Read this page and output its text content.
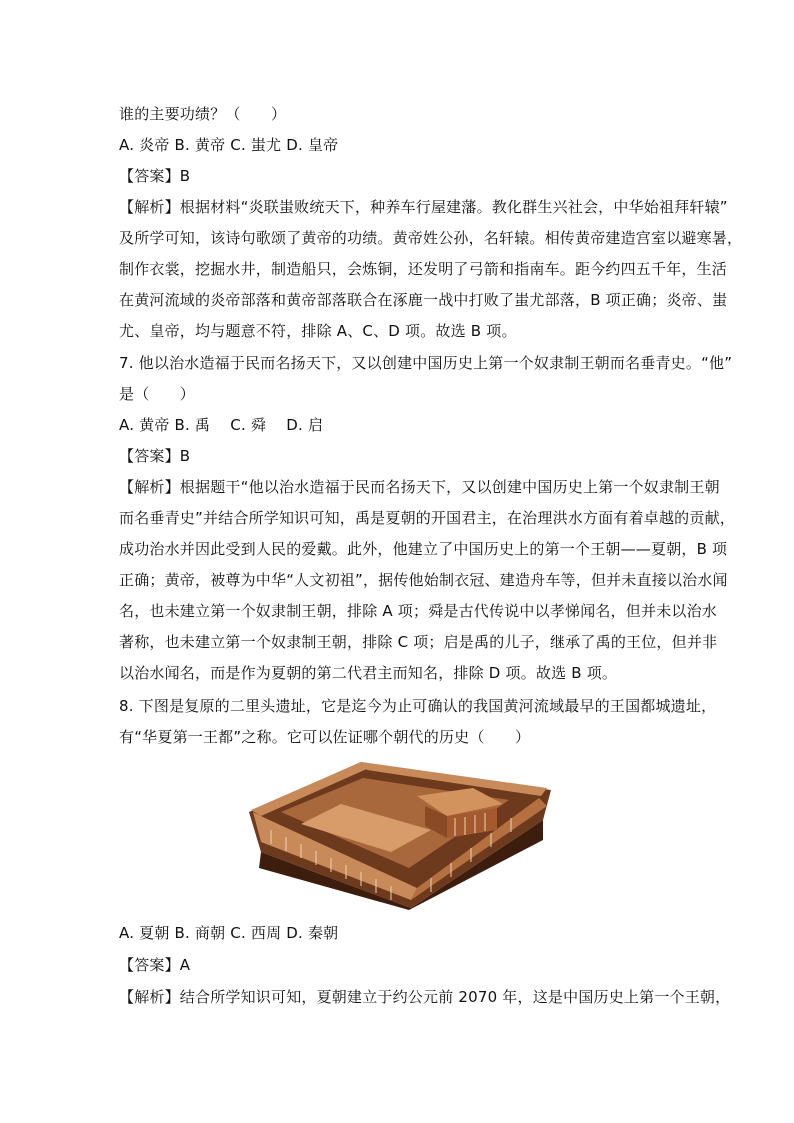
谁的主要功绩？（　　）
A. 炎帝 B. 黄帝 C. 蚩尤 D. 皇帝
【答案】B
【解析】根据材料“炎联蚩败统天下，种养车行屋建藩。教化群生兴社会，中华始祖拜轩辕”
及所学可知，该诗句歌颂了黄帝的功绩。黄帝姓公孙，名轩辕。相传黄帝建造宫室以避寒暑，
制作衣裳，挖掘水井，制造船只，会炼铜，还发明了弓箭和指南车。距今约四五千年，生活
在黄河流域的炎帝部落和黄帝部落联合在涿鹿一战中打败了蚩尤部落，B 项正确；炎帝、蚩
尤、皇帝，均与题意不符，排除 A、C、D 项。故选 B 项。
7. 他以治水造福于民而名扬天下，又以创建中国历史上第一个奴隶制王朝而名垂青史。“他”
是（　　）
A. 黄帝 B. 禹　 C. 舜　 D. 启
【答案】B
【解析】根据题干“他以治水造福于民而名扬天下，又以创建中国历史上第一个奴隶制王朝
而名垂青史”并结合所学知识可知，禹是夏朝的开国君主，在治理洪水方面有着卓越的贡献，
成功治水并因此受到人民的爱戴。此外，他建立了中国历史上的第一个王朝——夏朝，B 项
正确；黄帝，被尊为中华“人文初祖”，据传他始制衣冠、建造舟车等，但并未直接以治水闻
名，也未建立第一个奴隶制王朝，排除 A 项；舜是古代传说中以孝悌闻名，但并未以治水
著称，也未建立第一个奴隶制王朝，排除 C 项；启是禹的儿子，继承了禹的王位，但并非
以治水闻名，而是作为夏朝的第二代君主而知名，排除 D 项。故选 B 项。
8. 下图是复原的二里头遗址，它是迄今为止可确认的我国黄河流域最早的王国都城遗址，
有“华夏第一王都”之称。它可以佐证哪个朝代的历史（　　）
A. 夏朝 B. 商朝 C. 西周 D. 秦朝
【答案】A
【解析】结合所学知识可知，夏朝建立于约公元前 2070 年，这是中国历史上第一个王朝，
